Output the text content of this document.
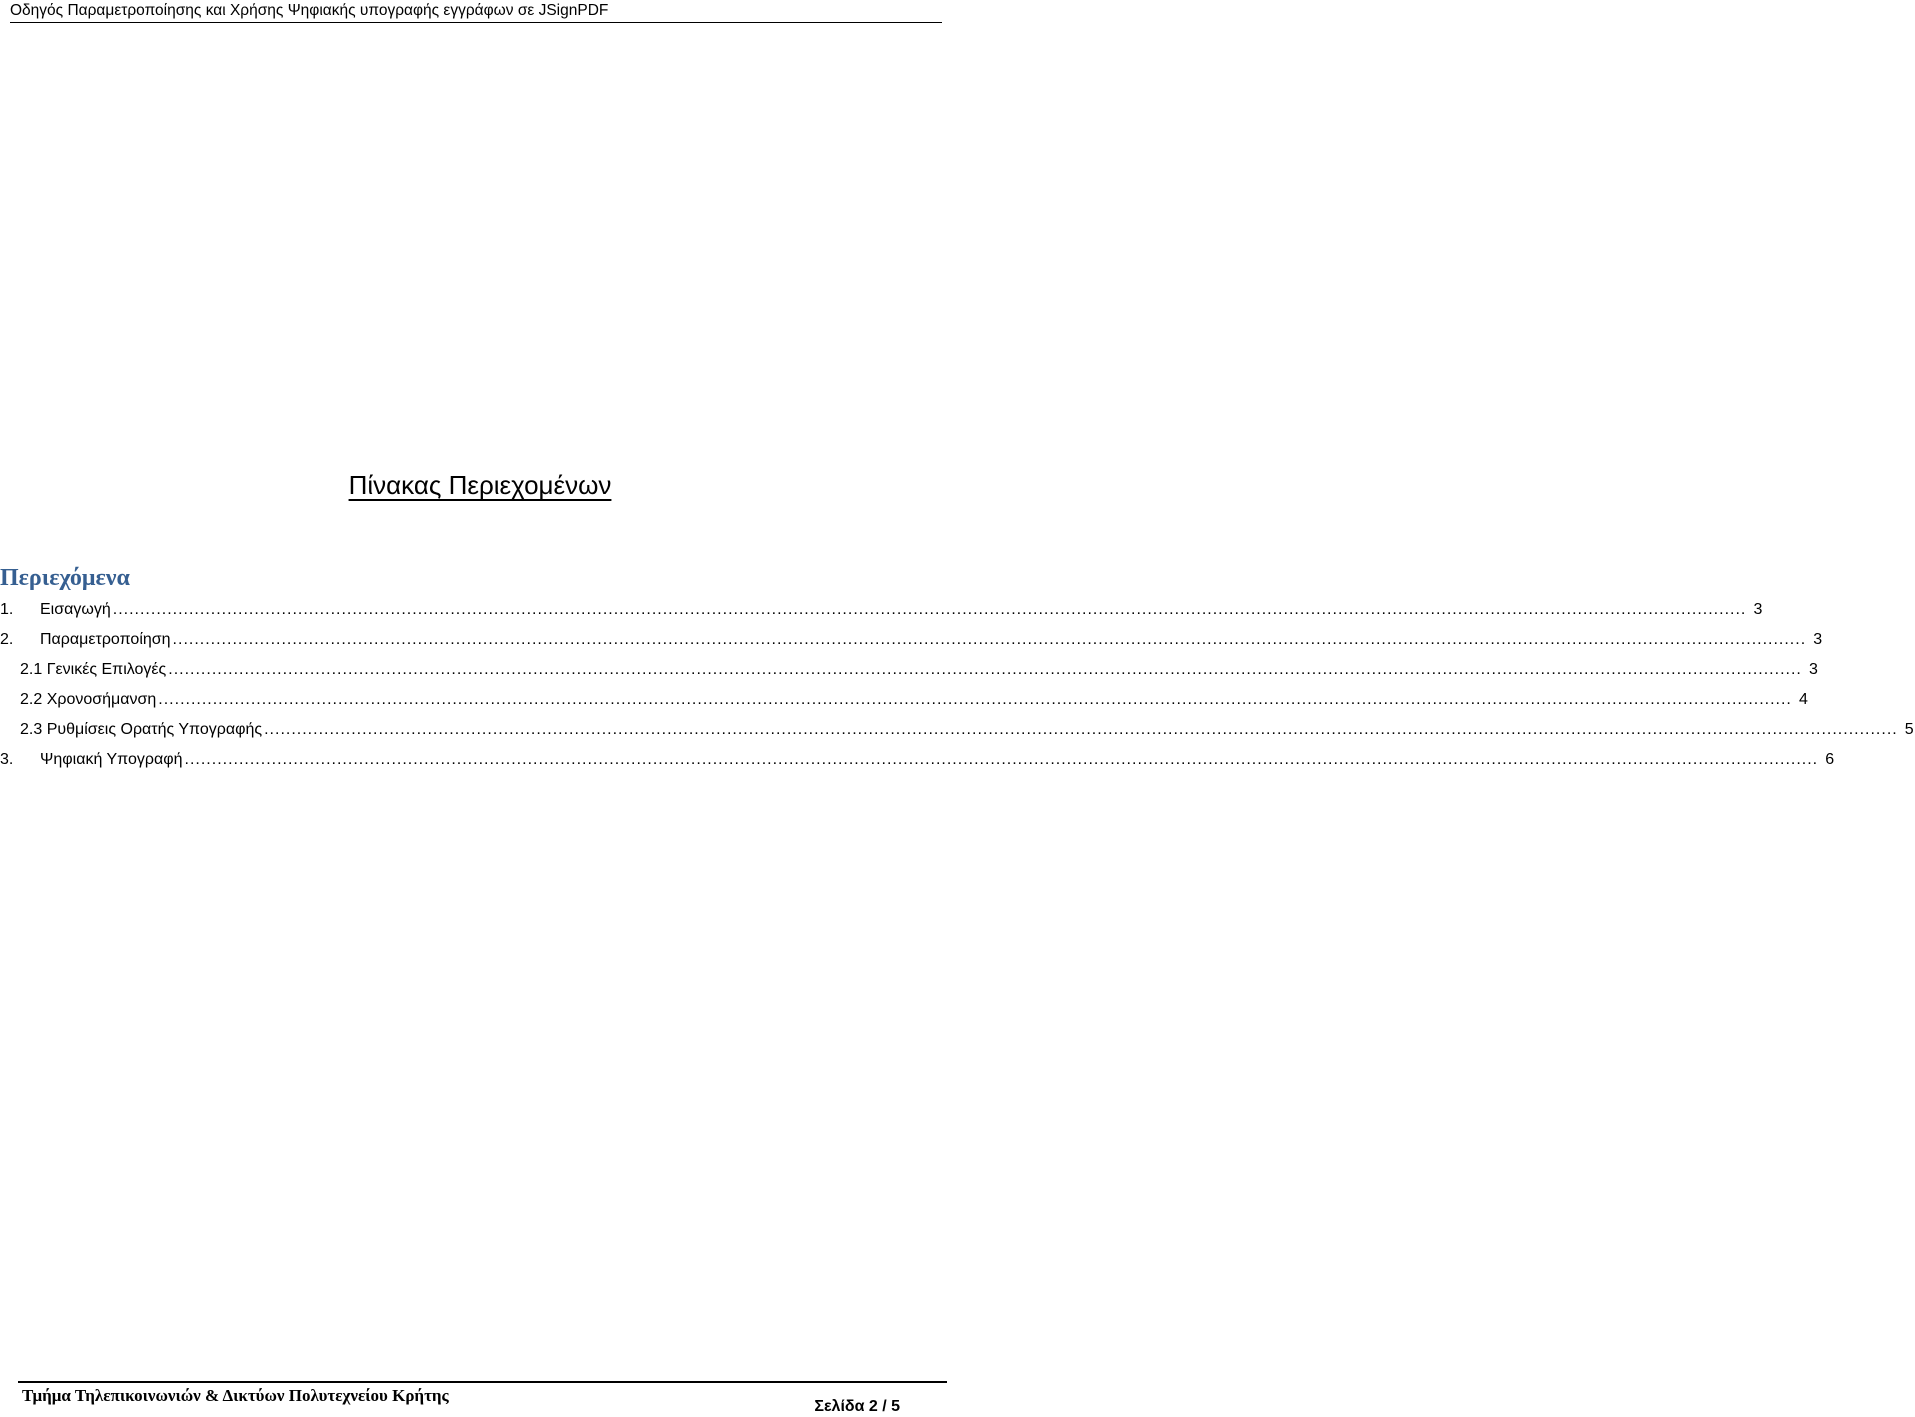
Οδηγός Παραμετροποίησης και Χρήσης Ψηφιακής υπογραφής εγγράφων σε JSignPDF
Πίνακας Περιεχομένων
Περιεχόμενα
1.	Εισαγωγή ............................................................................................................................................................................................................................................................................................................ 3
2.	Παραμετροποίηση ............................................................................................................................................................................................................................................................................................................ 3
2.1 Γενικές Επιλογές ............................................................................................................................................................................................................................................................................................................ 3
2.2 Χρονοσήμανση ............................................................................................................................................................................................................................................................................................................ 4
2.3 Ρυθμίσεις Ορατής Υπογραφής ............................................................................................................................................................................................................................................................................................................ 5
3.	Ψηφιακή Υπογραφή ............................................................................................................................................................................................................................................................................................................ 6
Τμήμα Τηλεπικοινωνιών & Δικτύων Πολυτεχνείου Κρήτης
Σελίδα 2 / 5
